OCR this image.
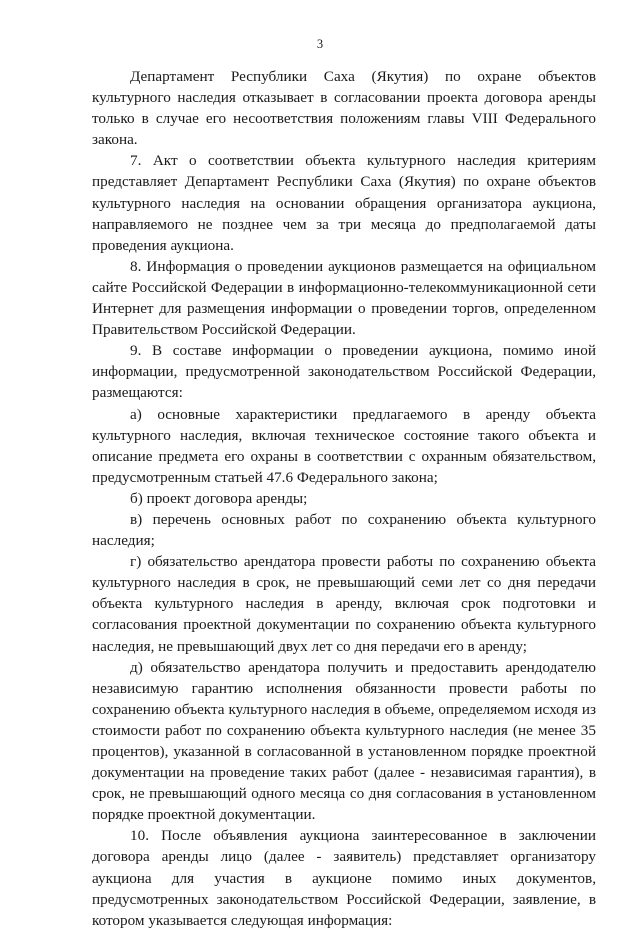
3

Департамент Республики Саха (Якутия) по охране объектов культурного наследия отказывает в согласовании проекта договора аренды только в случае его несоответствия положениям главы VIII Федерального закона.

7. Акт о соответствии объекта культурного наследия критериям представляет Департамент Республики Саха (Якутия) по охране объектов культурного наследия на основании обращения организатора аукциона, направляемого не позднее чем за три месяца до предполагаемой даты проведения аукциона.

8. Информация о проведении аукционов размещается на официальном сайте Российской Федерации в информационно-телекоммуникационной сети Интернет для размещения информации о проведении торгов, определенном Правительством Российской Федерации.

9. В составе информации о проведении аукциона, помимо иной информации, предусмотренной законодательством Российской Федерации, размещаются:

а) основные характеристики предлагаемого в аренду объекта культурного наследия, включая техническое состояние такого объекта и описание предмета его охраны в соответствии с охранным обязательством, предусмотренным статьей 47.6 Федерального закона;

б) проект договора аренды;

в) перечень основных работ по сохранению объекта культурного наследия;

г) обязательство арендатора провести работы по сохранению объекта культурного наследия в срок, не превышающий семи лет со дня передачи объекта культурного наследия в аренду, включая срок подготовки и согласования проектной документации по сохранению объекта культурного наследия, не превышающий двух лет со дня передачи его в аренду;

д) обязательство арендатора получить и предоставить арендодателю независимую гарантию исполнения обязанности провести работы по сохранению объекта культурного наследия в объеме, определяемом исходя из стоимости работ по сохранению объекта культурного наследия (не менее 35 процентов), указанной в согласованной в установленном порядке проектной документации на проведение таких работ (далее - независимая гарантия), в срок, не превышающий одного месяца со дня согласования в установленном порядке проектной документации.

10. После объявления аукциона заинтересованное в заключении договора аренды лицо (далее - заявитель) представляет организатору аукциона для участия в аукционе помимо иных документов, предусмотренных законодательством Российской Федерации, заявление, в котором указывается следующая информация:
